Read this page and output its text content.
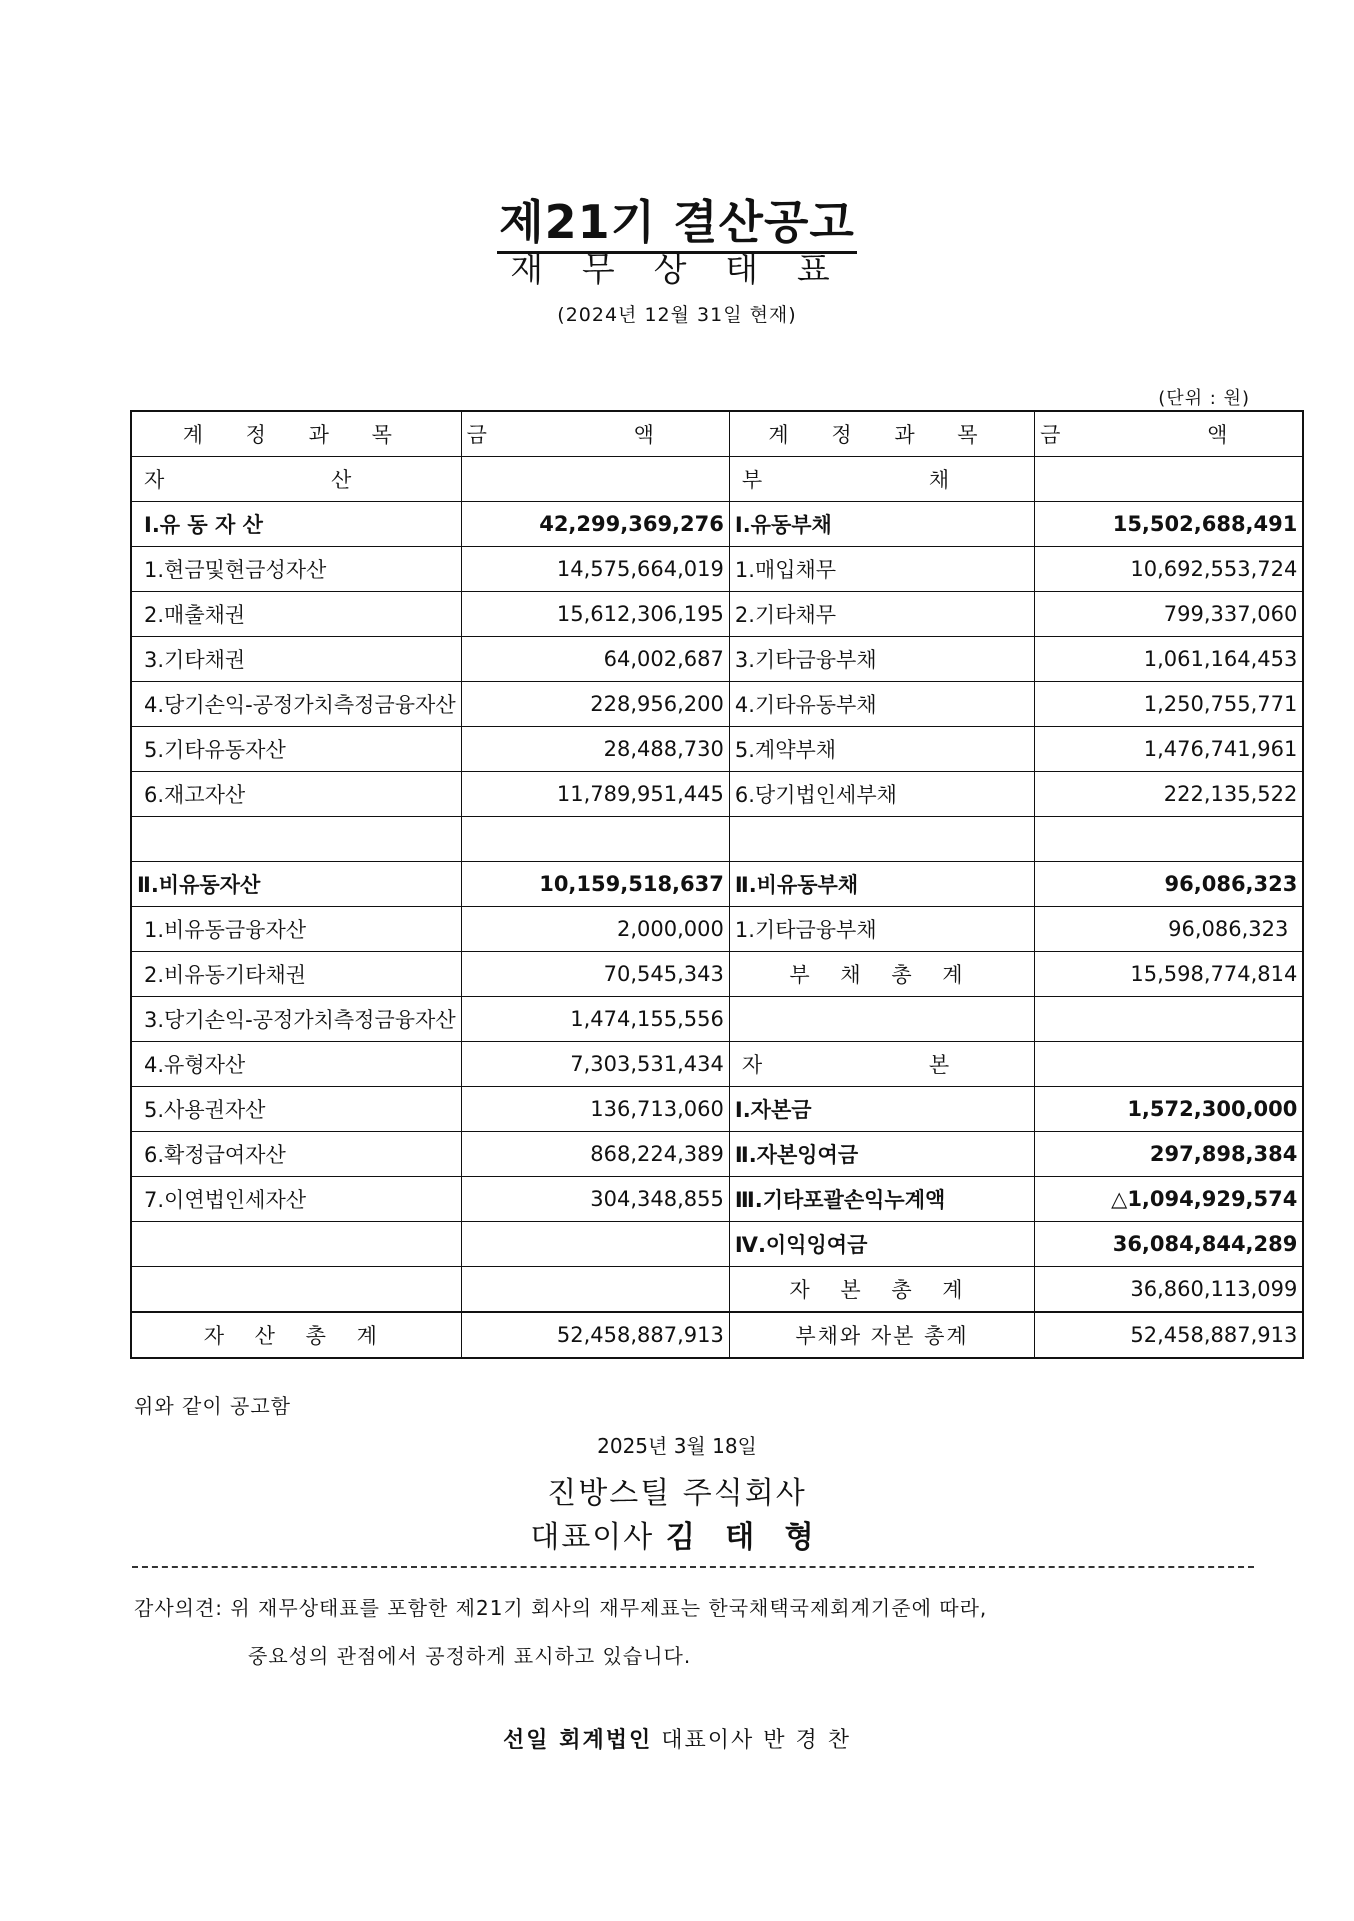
제21기 결산공고
재 무 상 태 표
(2024년 12월 31일 현재)
(단위 : 원)
계 정 과 목	금 액	계 정 과 목	금 액
자 산		부 채	
Ⅰ.유 동 자 산	42,299,369,276	Ⅰ.유동부채	15,502,688,491
1.현금및현금성자산	14,575,664,019	1.매입채무	10,692,553,724
2.매출채권	15,612,306,195	2.기타채무	799,337,060
3.기타채권	64,002,687	3.기타금융부채	1,061,164,453
4.당기손익-공정가치측정금융자산	228,956,200	4.기타유동부채	1,250,755,771
5.기타유동자산	28,488,730	5.계약부채	1,476,741,961
6.재고자산	11,789,951,445	6.당기법인세부채	222,135,522

Ⅱ.비유동자산	10,159,518,637	Ⅱ.비유동부채	96,086,323
1.비유동금융자산	2,000,000	1.기타금융부채	96,086,323
2.비유동기타채권	70,545,343	부 채 총 계	15,598,774,814
3.당기손익-공정가치측정금융자산	1,474,155,556		
4.유형자산	7,303,531,434	자 본	
5.사용권자산	136,713,060	Ⅰ.자본금	1,572,300,000
6.확정급여자산	868,224,389	Ⅱ.자본잉여금	297,898,384
7.이연법인세자산	304,348,855	Ⅲ.기타포괄손익누계액	△1,094,929,574
		Ⅳ.이익잉여금	36,084,844,289
		자 본 총 계	36,860,113,099
자 산 총 계	52,458,887,913	부채와 자본 총계	52,458,887,913
위와 같이 공고함
2025년 3월 18일
진방스틸 주식회사
대표이사 김 태 형
감사의견: 위 재무상태표를 포함한 제21기 회사의 재무제표는 한국채택국제회계기준에 따라,
중요성의 관점에서 공정하게 표시하고 있습니다.
선일 회계법인 대표이사 반 경 찬
